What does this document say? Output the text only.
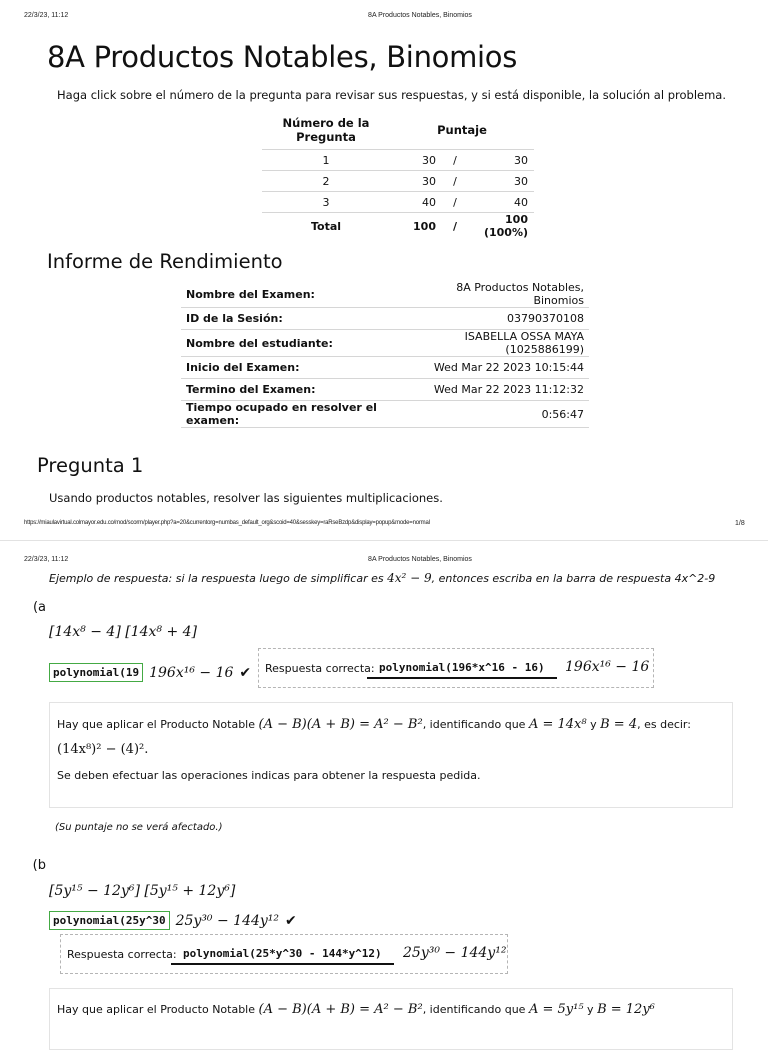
22/3/23, 11:12	8A Productos Notables, Binomios
8A Productos Notables, Binomios
Haga click sobre el número de la pregunta para revisar sus respuestas, y si está disponible, la solución al problema.
Número de la Pregunta	Puntaje		
1	30	/	30
2	30	/	30
3	40	/	40
Total	100	/	100 (100%)
Informe de Rendimiento
Nombre del Examen:	8A Productos Notables, Binomios
ID de la Sesión:	03790370108
Nombre del estudiante:	ISABELLA OSSA MAYA (1025886199)
Inicio del Examen:	Wed Mar 22 2023 10:15:44
Termino del Examen:	Wed Mar 22 2023 11:12:32
Tiempo ocupado en resolver el examen:	0:56:47
Pregunta 1
Usando productos notables, resolver las siguientes multiplicaciones.
https://miaulavirtual.colmayor.edu.co/mod/scorm/player.php?a=20&currentorg=numbas_default_org&scoid=40&sesskey=raRseBzdp&display=popup&mode=normal	1/8
22/3/23, 11:12	8A Productos Notables, Binomios
Ejemplo de respuesta: si la respuesta luego de simplificar es 4x² − 9, entonces escriba en la barra de respuesta 4x^2-9
a)
[14x⁸ − 4] [14x⁸ + 4]
polynomial(19 196x¹⁶ − 16 ✔ Respuesta correcta: polynomial(196*x^16 - 16)	196x¹⁶ − 16
Hay que aplicar el Producto Notable (A − B)(A + B) = A² − B², identificando que A = 14x⁸ y B = 4, es decir:
(14x⁸)² − (4)².
Se deben efectuar las operaciones indicas para obtener la respuesta pedida.
(Su puntaje no se verá afectado.)
b)
[5y¹⁵ − 12y⁶] [5y¹⁵ + 12y⁶]
polynomial(25y^30 25y³⁰ − 144y¹² ✔
Respuesta correcta: polynomial(25*y^30 - 144*y^12)	25y³⁰ − 144y¹²
Hay que aplicar el Producto Notable (A − B)(A + B) = A² − B², identificando que A = 5y¹⁵ y B = 12y⁶
